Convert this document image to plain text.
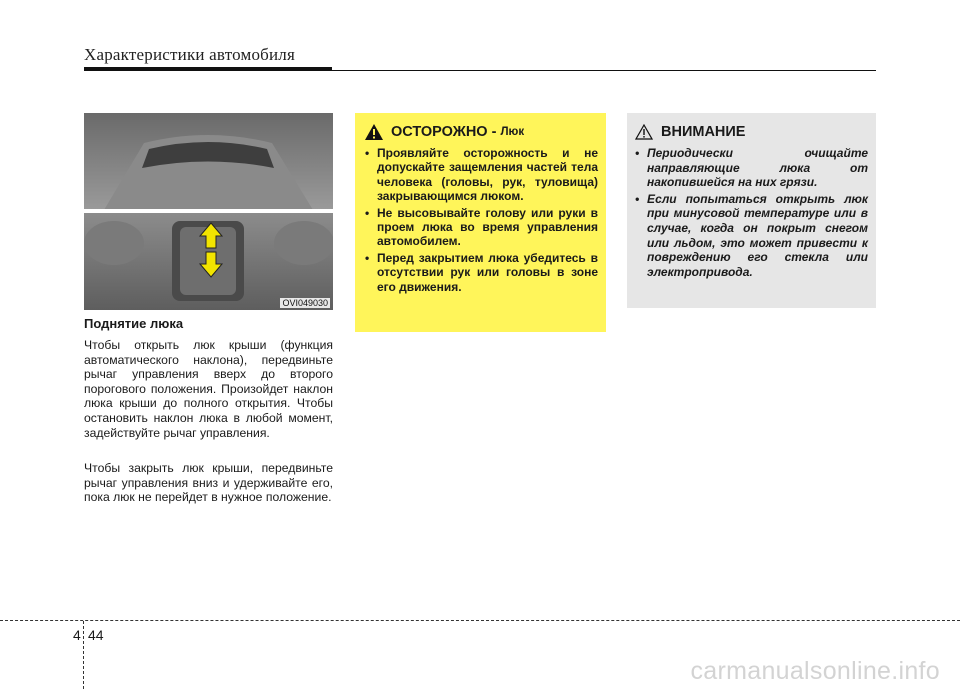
Характеристики автомобиля
OVI049030
Поднятие люка

Чтобы открыть люк крыши (функция автоматического наклона), передвиньте рычаг управления вверх до второго порогового положения. Произойдет наклон люка крыши до полного открытия. Чтобы остановить наклон люка в любой момент, задействуйте рычаг управления.

Чтобы закрыть люк крыши, передвиньте рычаг управления вниз и удерживайте его, пока люк не перейдет в нужное положение.

ОСТОРОЖНО - Люк
• Проявляйте осторожность и не допускайте защемления частей тела человека (головы, рук, туловища) закрывающимся люком.
• Не высовывайте голову или руки в проем люка во время управления автомобилем.
• Перед закрытием люка убедитесь в отсутствии рук или головы в зоне его движения.
ВНИМАНИЕ
• Периодически очищайте направляющие люка от накопившейся на них грязи.
• Если попытаться открыть люк при минусовой температуре или в случае, когда он покрыт снегом или льдом, это может привести к повреждению его стекла или электропривода.
4 44
carmanualsonline.info
